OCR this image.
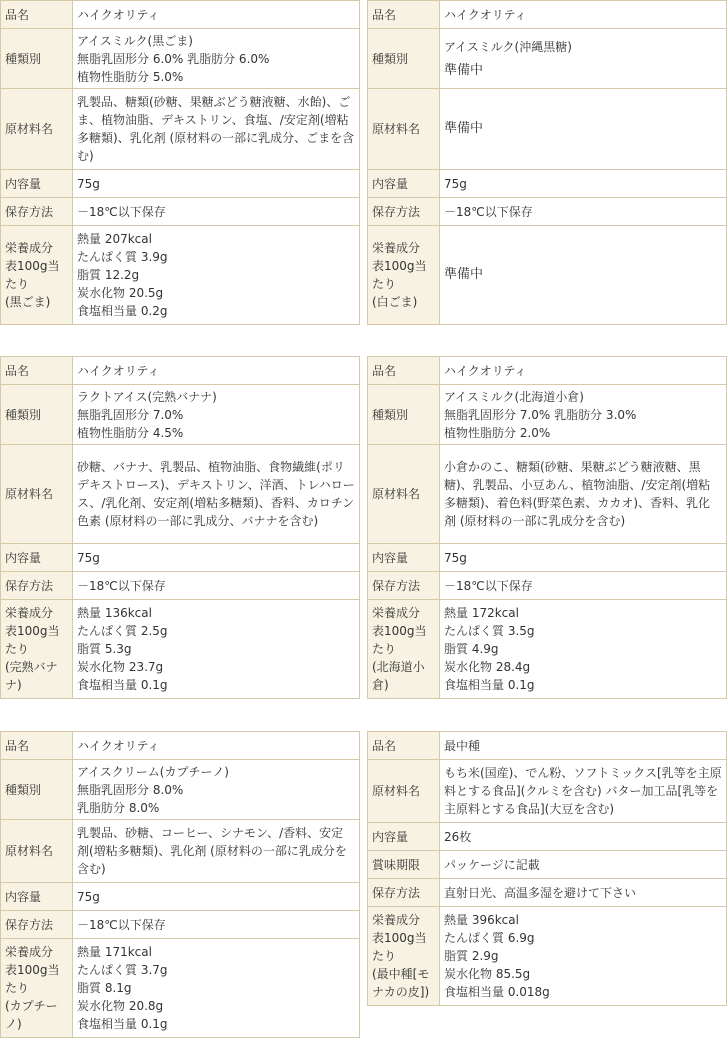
品名	ハイクオリティ
種類別	アイスミルク(黒ごま)
無脂乳固形分 6.0% 乳脂肪分 6.0%
植物性脂肪分 5.0%

原材料名	乳製品、糖類(砂糖、果糖ぶどう糖液糖、水飴)、ごま、植物油脂、デキストリン、食塩、/安定剤(増粘多糖類)、乳化剤 (原材料の一部に乳成分、ごまを含む)
内容量	75g
保存方法	－18℃以下保存

栄養成分
表100g当
たり
(黒ごま)	熱量 207kcal
たんぱく質 3.9g
脂質 12.2g
炭水化物 20.5g
食塩相当量 0.2g
品名	ハイクオリティ
種類別	アイスミルク(沖縄黒糖)
準備中

原材料名	準備中

内容量	75g
保存方法	－18℃以下保存

栄養成分
表100g当
たり
(白ごま)	準備中
品名	ハイクオリティ
種類別	ラクトアイス(完熟バナナ)
無脂乳固形分 7.0%
植物性脂肪分 4.5%

原材料名	砂糖、バナナ、乳製品、植物油脂、食物繊維(ポリデキストロース)、デキストリン、洋酒、トレハロース、/乳化剤、安定剤(増粘多糖類)、香料、カロチン色素 (原材料の一部に乳成分、バナナを含む)
内容量	75g
保存方法	－18℃以下保存

栄養成分
表100g当
たり
(完熟バナ
ナ)	熱量 136kcal
たんぱく質 2.5g
脂質 5.3g
炭水化物 23.7g
食塩相当量 0.1g
品名	ハイクオリティ
種類別	アイスミルク(北海道小倉)
無脂乳固形分 7.0% 乳脂肪分 3.0%
植物性脂肪分 2.0%

原材料名	小倉かのこ、糖類(砂糖、果糖ぶどう糖液糖、黒糖)、乳製品、小豆あん、植物油脂、/安定剤(増粘多糖類)、着色料(野菜色素、カカオ)、香料、乳化剤 (原材料の一部に乳成分を含む)
内容量	75g
保存方法	－18℃以下保存

栄養成分
表100g当
たり
(北海道小
倉)	熱量 172kcal
たんぱく質 3.5g
脂質 4.9g
炭水化物 28.4g
食塩相当量 0.1g
品名	ハイクオリティ
種類別	アイスクリーム(カプチーノ)
無脂乳固形分 8.0%
乳脂肪分 8.0%

原材料名	乳製品、砂糖、コーヒー、シナモン、/香料、安定剤(増粘多糖類)、乳化剤 (原材料の一部に乳成分を含む)
内容量	75g
保存方法	－18℃以下保存

栄養成分
表100g当
たり
(カプチー
ノ)	熱量 171kcal
たんぱく質 3.7g
脂質 8.1g
炭水化物 20.8g
食塩相当量 0.1g
品名	最中種
原材料名	もち米(国産)、でん粉、ソフトミックス[乳等を主原料とする食品](クルミを含む) バター加工品[乳等を主原料とする食品](大豆を含む)
内容量	26枚
賞味期限	パッケージに記載
保存方法	直射日光、高温多湿を避けて下さい

栄養成分
表100g当
たり
(最中種[モ
ナカの皮])	熱量 396kcal
たんぱく質 6.9g
脂質 2.9g
炭水化物 85.5g
食塩相当量 0.018g
